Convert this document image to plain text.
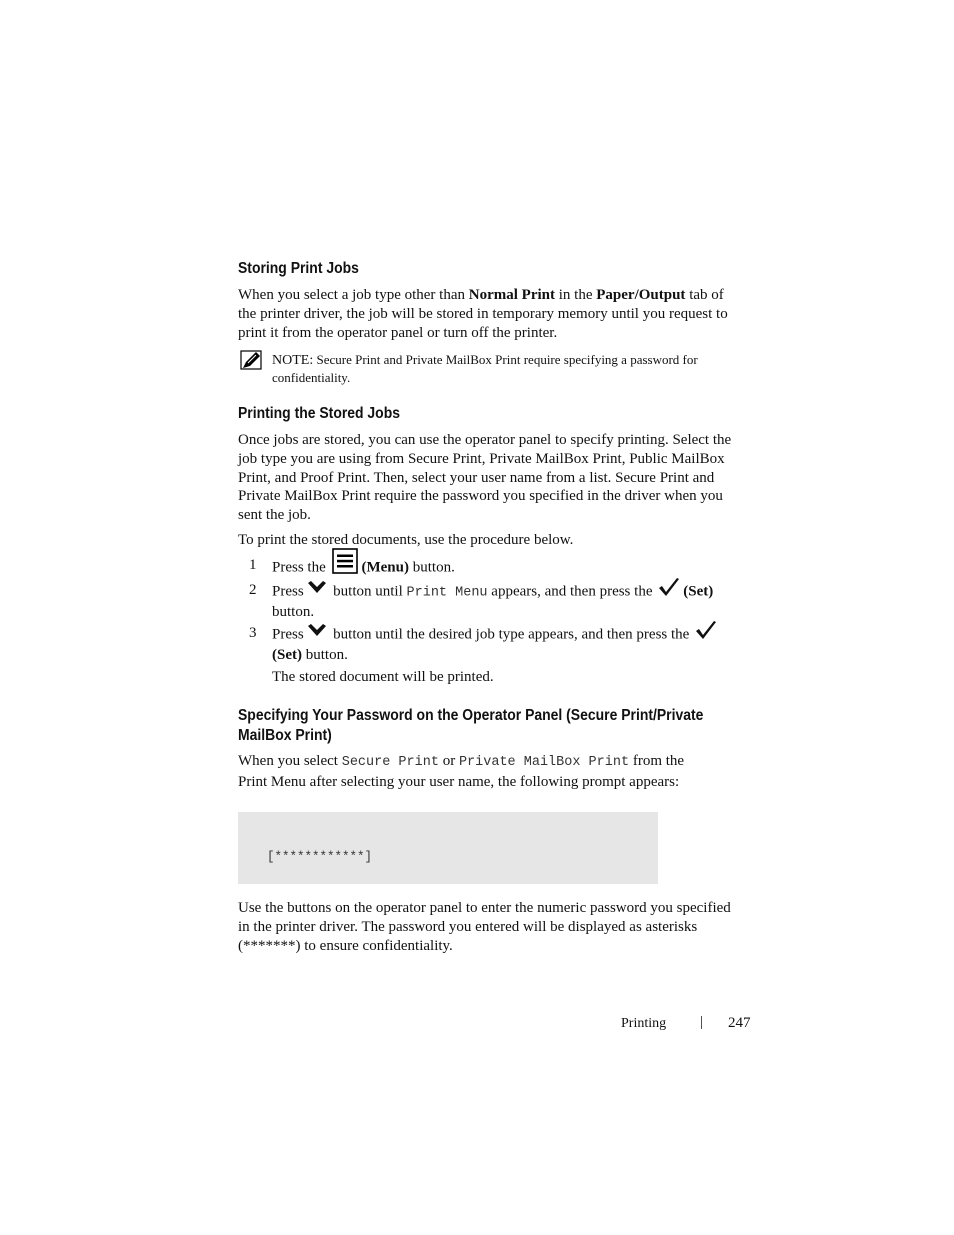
Storing Print Jobs
When you select a job type other than Normal Print in the Paper/Output tab of the printer driver, the job will be stored in temporary memory until you request to print it from the operator panel or turn off the printer.
NOTE: Secure Print and Private MailBox Print require specifying a password for confidentiality.
Printing the Stored Jobs
Once jobs are stored, you can use the operator panel to specify printing. Select the job type you are using from Secure Print, Private MailBox Print, Public MailBox Print, and Proof Print. Then, select your user name from a list. Secure Print and Private MailBox Print require the password you specified in the driver when you sent the job.
To print the stored documents, use the procedure below.
1	Press the (Menu) button.
2	Press  button until Print Menu appears, and then press the (Set)
button.
3	Press  button until the desired job type appears, and then press the
(Set) button.
The stored document will be printed.
Specifying Your Password on the Operator Panel (Secure Print/Private
MailBox Print)
When you select Secure Print or Private MailBox Print from the
Print Menu after selecting your user name, the following prompt appears:
[************]
Use the buttons on the operator panel to enter the numeric password you specified in the printer driver. The password you entered will be displayed as asterisks (*******) to ensure confidentiality.
Printing | 247
